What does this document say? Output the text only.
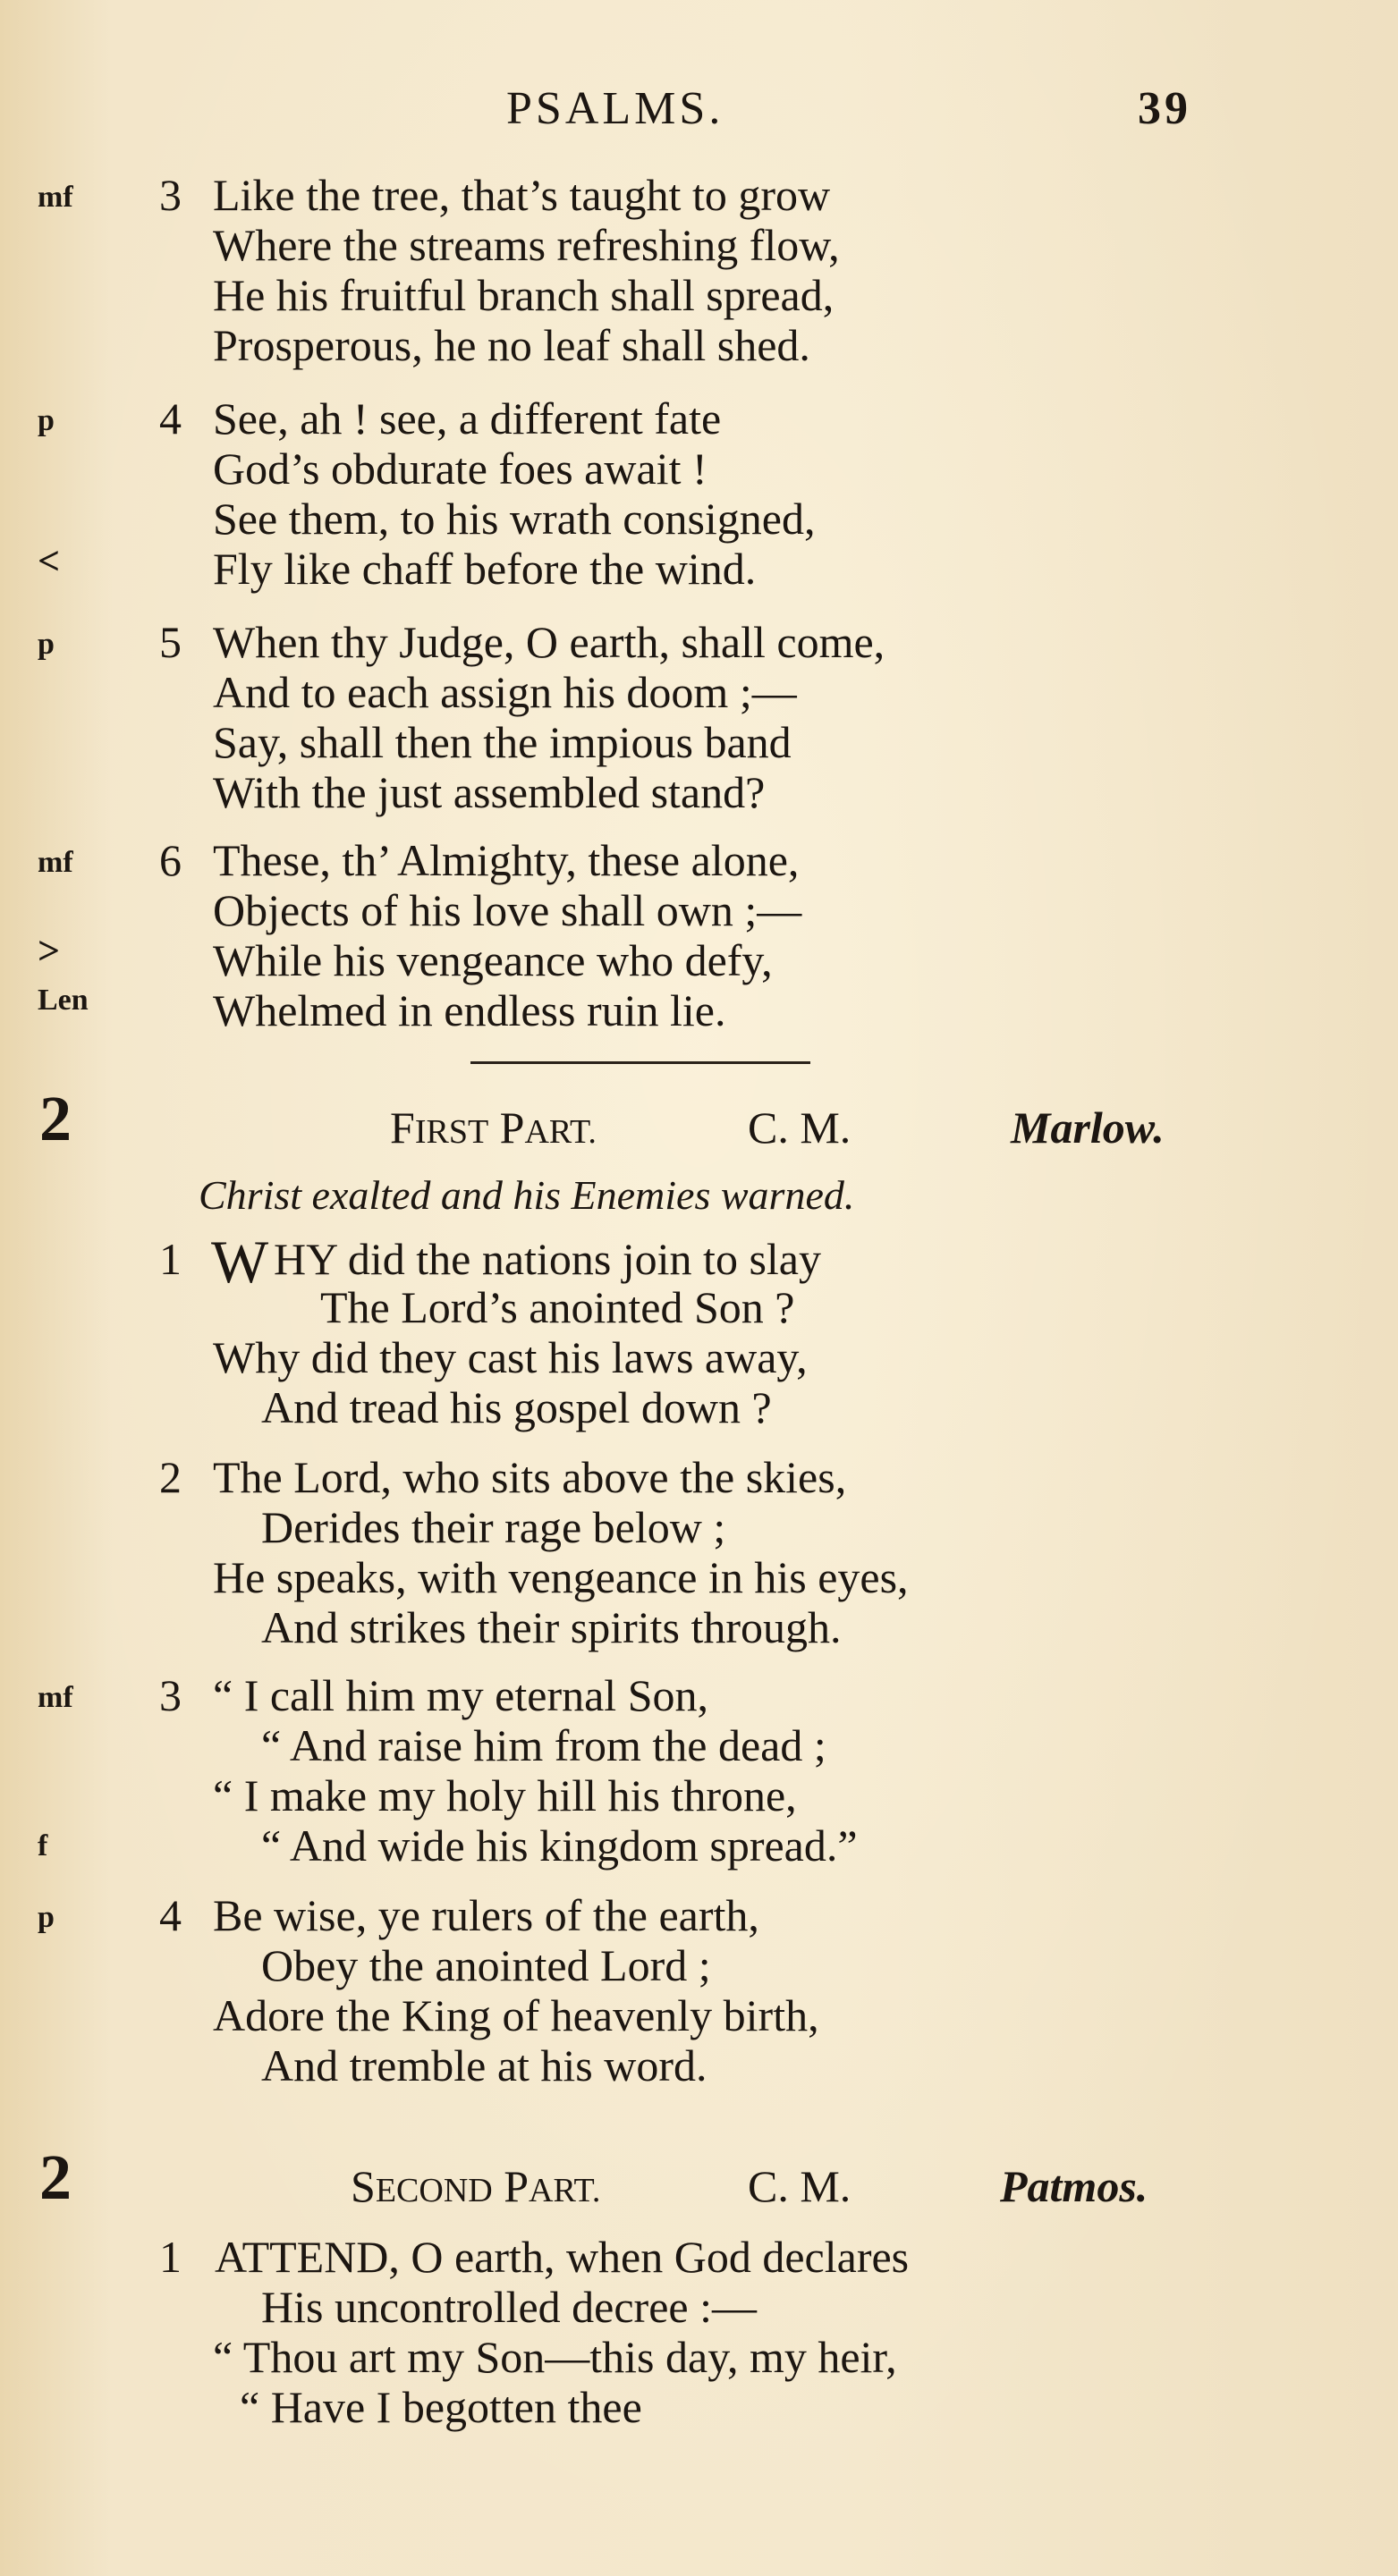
PSALMS.	39
mf 3 Like the tree, that’s taught to grow
Where the streams refreshing flow,
He his fruitful branch shall spread,
Prosperous, he no leaf shall shed.
p 4 See, ah ! see, a different fate
God’s obdurate foes await !
See them, to his wrath consigned,
<	Fly like chaff before the wind.
p 5 When thy Judge, O earth, shall come,
And to each assign his doom ;—
Say, shall then the impious band
With the just assembled stand?
mf 6 These, th’ Almighty, these alone,
Objects of his love shall own ;—
>	While his vengeance who defy,
Len	Whelmed in endless ruin lie.
2	FIRST PART.	C. M.	Marlow.
Christ exalted and his Enemies warned.
1 W HY did the nations join to slay
The Lord’s anointed Son ?
Why did they cast his laws away,
And tread his gospel down ?
2 The Lord, who sits above the skies,
Derides their rage below ;
He speaks, with vengeance in his eyes,
And strikes their spirits through.
mf 3 “ I call him my eternal Son,
“ And raise him from the dead ;
“ I make my holy hill his throne,
f	“ And wide his kingdom spread.”
p 4 Be wise, ye rulers of the earth,
Obey the anointed Lord ;
Adore the King of heavenly birth,
And tremble at his word.
2	SECOND PART.	C. M.	Patmos.
1 ATTEND, O earth, when God declares
His uncontrolled decree :—
“ Thou art my Son—this day, my heir,
“ Have I begotten thee
